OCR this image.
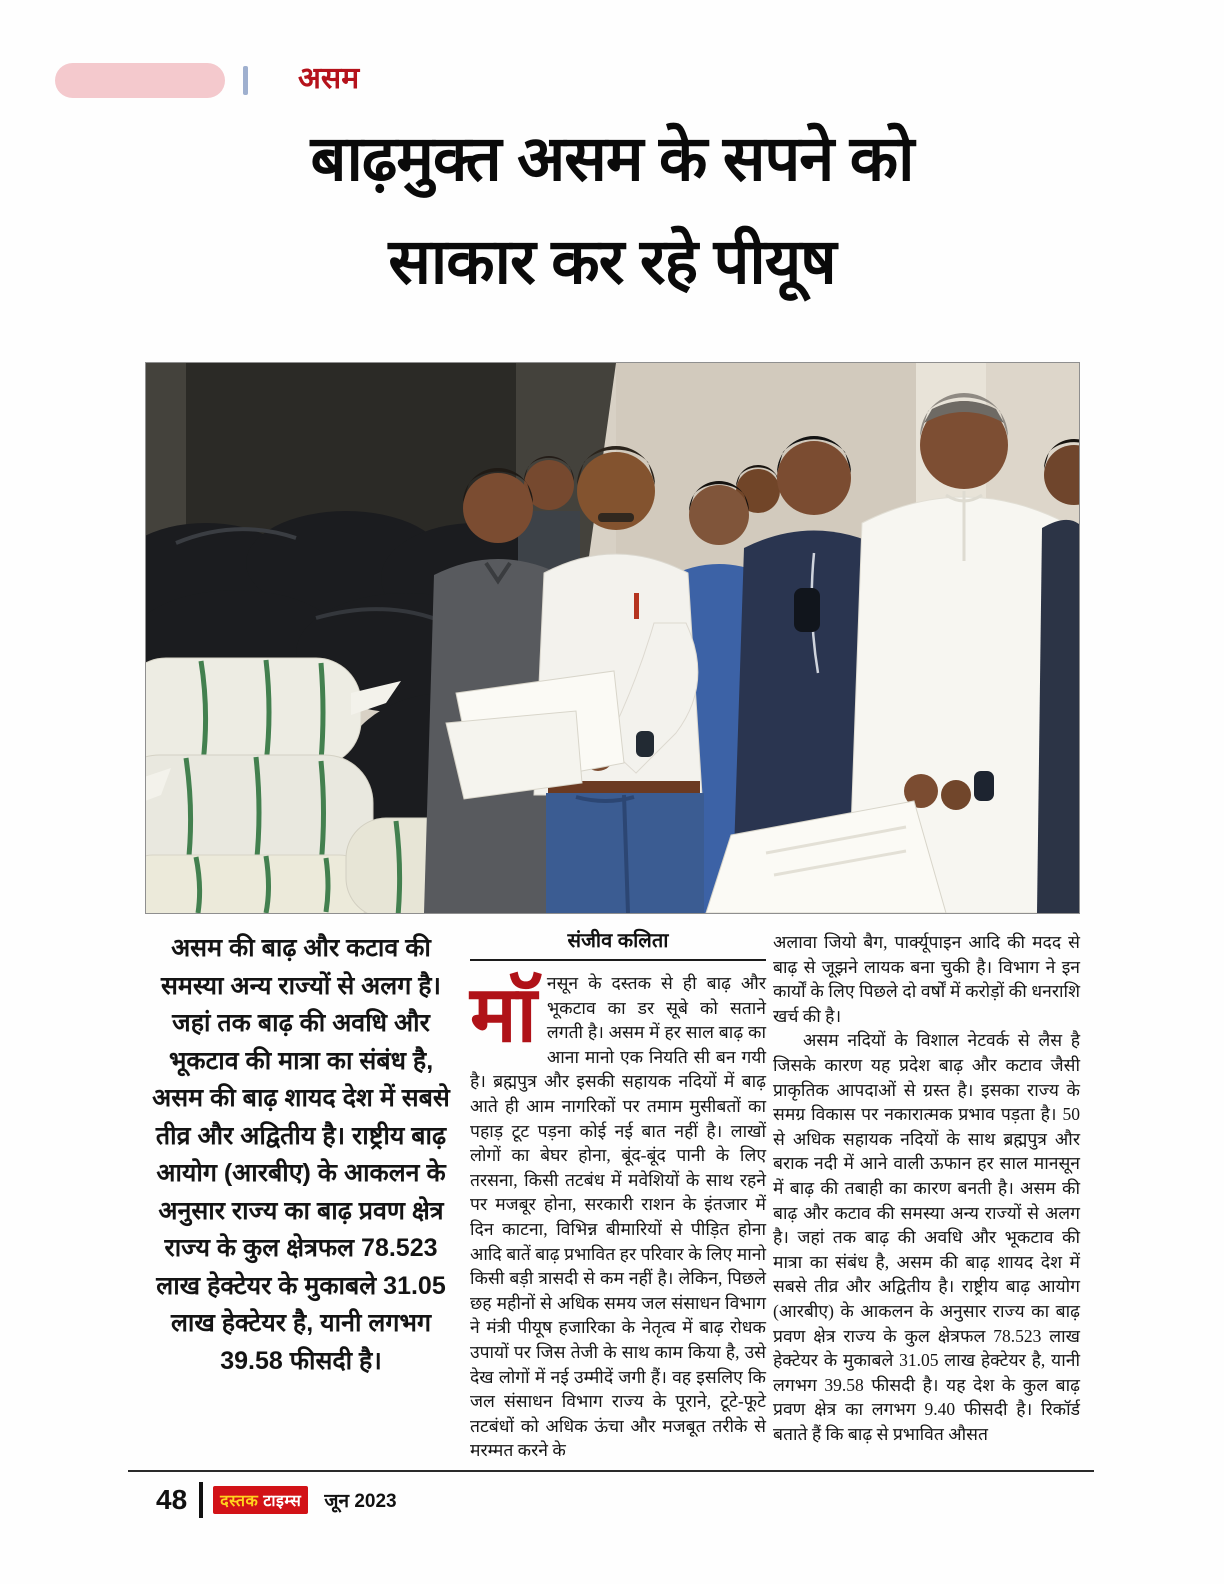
असम
बाढ़मुक्त असम के सपने को
साकार कर रहे पीयूष
असम की बाढ़ और कटाव की समस्या अन्य राज्यों से अलग है। जहां तक बाढ़ की अवधि और भूकटाव की मात्रा का संबंध है, असम की बाढ़ शायद देश में सबसे तीव्र और अद्वितीय है। राष्ट्रीय बाढ़ आयोग (आरबीए) के आकलन के अनुसार राज्य का बाढ़ प्रवण क्षेत्र राज्य के कुल क्षेत्रफल 78.523 लाख हेक्टेयर के मुकाबले 31.05 लाख हेक्टेयर है, यानी लगभग 39.58 फीसदी है।
संजीव कलिता

माॅनसून के दस्तक से ही बाढ़ और भूकटाव का डर सूबे को सताने लगती है। असम में हर साल बाढ़ का आना मानो एक नियति सी बन गयी है। ब्रह्मपुत्र और इसकी सहायक नदियों में बाढ़ आते ही आम नागरिकों पर तमाम मुसीबतों का पहाड़ टूट पड़ना कोई नई बात नहीं है। लाखों लोगों का बेघर होना, बूंद-बूंद पानी के लिए तरसना, किसी तटबंध में मवेशियों के साथ रहने पर मजबूर होना, सरकारी राशन के इंतजार में दिन काटना, विभिन्न बीमारियों से पीड़ित होना आदि बातें बाढ़ प्रभावित हर परिवार के लिए मानो किसी बड़ी त्रासदी से कम नहीं है। लेकिन, पिछले छह महीनों से अधिक समय जल संसाधन विभाग ने मंत्री पीयूष हजारिका के नेतृत्व में बाढ़ रोधक उपायों पर जिस तेजी के साथ काम किया है, उसे देख लोगों में नई उम्मीदें जगी हैं। वह इसलिए कि जल संसाधन विभाग राज्य के पूराने, टूटे-फूटे तटबंधों को अधिक ऊंचा और मजबूत तरीके से मरम्मत करने के

अलावा जियो बैग, पार्क्यूपाइन आदि की मदद से बाढ़ से जूझने लायक बना चुकी है। विभाग ने इन कार्यों के लिए पिछले दो वर्षों में करोड़ों की धनराशि खर्च की है।

असम नदियों के विशाल नेटवर्क से लैस है जिसके कारण यह प्रदेश बाढ़ और कटाव जैसी प्राकृतिक आपदाओं से ग्रस्त है। इसका राज्य के समग्र विकास पर नकारात्मक प्रभाव पड़ता है। 50 से अधिक सहायक नदियों के साथ ब्रह्मपुत्र और बराक नदी में आने वाली ऊफान हर साल मानसून में बाढ़ की तबाही का कारण बनती है। असम की बाढ़ और कटाव की समस्या अन्य राज्यों से अलग है। जहां तक बाढ़ की अवधि और भूकटाव की मात्रा का संबंध है, असम की बाढ़ शायद देश में सबसे तीव्र और अद्वितीय है। राष्ट्रीय बाढ़ आयोग (आरबीए) के आकलन के अनुसार राज्य का बाढ़ प्रवण क्षेत्र राज्य के कुल क्षेत्रफल 78.523 लाख हेक्टेयर के मुकाबले 31.05 लाख हेक्टेयर है, यानी लगभग 39.58 फीसदी है। यह देश के कुल बाढ़ प्रवण क्षेत्र का लगभग 9.40 फीसदी है। रिकॉर्ड बताते हैं कि बाढ़ से प्रभावित औसत

48 दस्तक टाइम्स जून 2023
